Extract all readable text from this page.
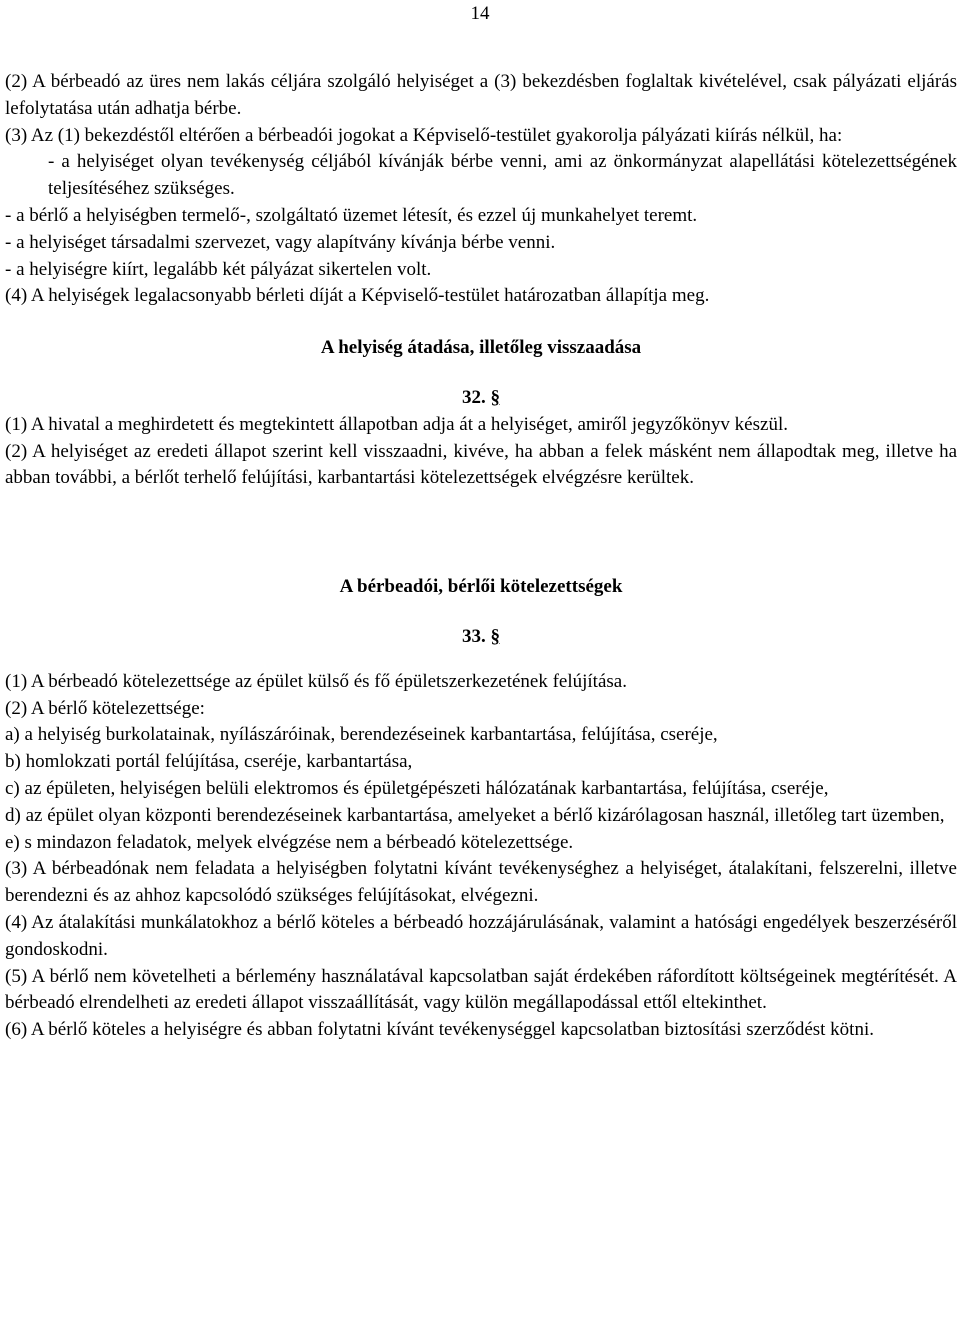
14

(2) A bérbeadó az üres nem lakás céljára szolgáló helyiséget a (3) bekezdésben foglaltak kivételével, csak pályázati eljárás lefolytatása után adhatja bérbe.

(3) Az (1) bekezdéstől eltérően a bérbeadói jogokat a Képviselő-testület gyakorolja pályázati kiírás nélkül, ha:

- a helyiséget olyan tevékenység céljából kívánják bérbe venni, ami az önkormányzat alapellátási kötelezettségének teljesítéséhez szükséges.

- a bérlő a helyiségben termelő-, szolgáltató üzemet létesít, és ezzel új munkahelyet teremt.

- a helyiséget társadalmi szervezet, vagy alapítvány kívánja bérbe venni.

- a helyiségre kiírt, legalább két pályázat sikertelen volt.

(4) A helyiségek legalacsonyabb bérleti díját a Képviselő-testület határozatban állapítja meg.

A helyiség átadása, illetőleg visszaadása

32. §

(1) A hivatal a meghirdetett és megtekintett állapotban adja át a helyiséget, amiről jegyzőkönyv készül.

(2) A helyiséget az eredeti állapot szerint kell visszaadni, kivéve, ha abban a felek másként nem állapodtak meg, illetve ha abban további, a bérlőt terhelő felújítási, karbantartási kötelezettségek elvégzésre kerültek.

A bérbeadói, bérlői kötelezettségek

33. §

(1) A bérbeadó kötelezettsége az épület külső és fő épületszerkezetének felújítása.

(2) A bérlő kötelezettsége:

a) a helyiség burkolatainak, nyílászáróinak, berendezéseinek karbantartása, felújítása, cseréje,

b) homlokzati portál felújítása, cseréje, karbantartása,

c) az épületen, helyiségen belüli elektromos és épületgépészeti hálózatának karbantartása, felújítása, cseréje,

d) az épület olyan központi berendezéseinek karbantartása, amelyeket a bérlő kizárólagosan használ, illetőleg tart üzemben,

e) s mindazon feladatok, melyek elvégzése nem a bérbeadó kötelezettsége.

(3) A bérbeadónak nem feladata a helyiségben folytatni kívánt tevékenységhez a helyiséget, átalakítani, felszerelni, illetve berendezni és az ahhoz kapcsolódó szükséges felújításokat, elvégezni.

(4) Az átalakítási munkálatokhoz a bérlő köteles a bérbeadó hozzájárulásának, valamint a hatósági engedélyek beszerzéséről gondoskodni.

(5) A bérlő nem követelheti a bérlemény használatával kapcsolatban saját érdekében ráfordított költségeinek megtérítését. A bérbeadó elrendelheti az eredeti állapot visszaállítását, vagy külön megállapodással ettől eltekinthet.

(6) A bérlő köteles a helyiségre és abban folytatni kívánt tevékenységgel kapcsolatban biztosítási szerződést kötni.
